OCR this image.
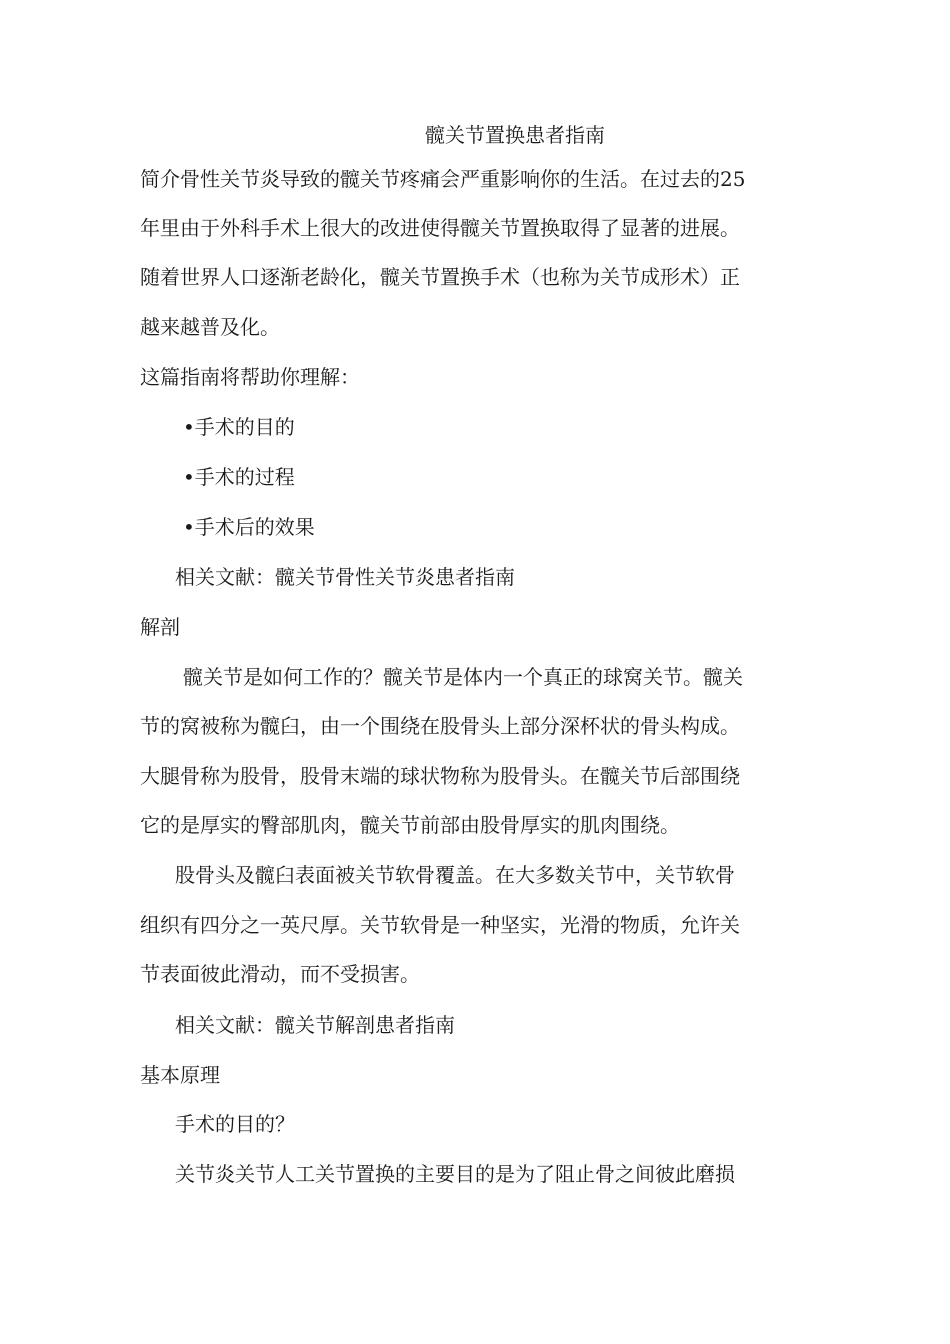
髋关节置换患者指南
简介骨性关节炎导致的髋关节疼痛会严重影响你的生活。在过去的25
年里由于外科手术上很大的改进使得髋关节置换取得了显著的进展。
随着世界人口逐渐老龄化，髋关节置换手术（也称为关节成形术）正
越来越普及化。
这篇指南将帮助你理解：
•手术的目的
•手术的过程
•手术后的效果
相关文献：髋关节骨性关节炎患者指南
解剖
髋关节是如何工作的？髋关节是体内一个真正的球窝关节。髋关
节的窝被称为髋臼，由一个围绕在股骨头上部分深杯状的骨头构成。
大腿骨称为股骨，股骨末端的球状物称为股骨头。在髋关节后部围绕
它的是厚实的臀部肌肉，髋关节前部由股骨厚实的肌肉围绕。
股骨头及髋臼表面被关节软骨覆盖。在大多数关节中，关节软骨
组织有四分之一英尺厚。关节软骨是一种坚实，光滑的物质，允许关
节表面彼此滑动，而不受损害。
相关文献：髋关节解剖患者指南
基本原理
手术的目的？
关节炎关节人工关节置换的主要目的是为了阻止骨之间彼此磨损
